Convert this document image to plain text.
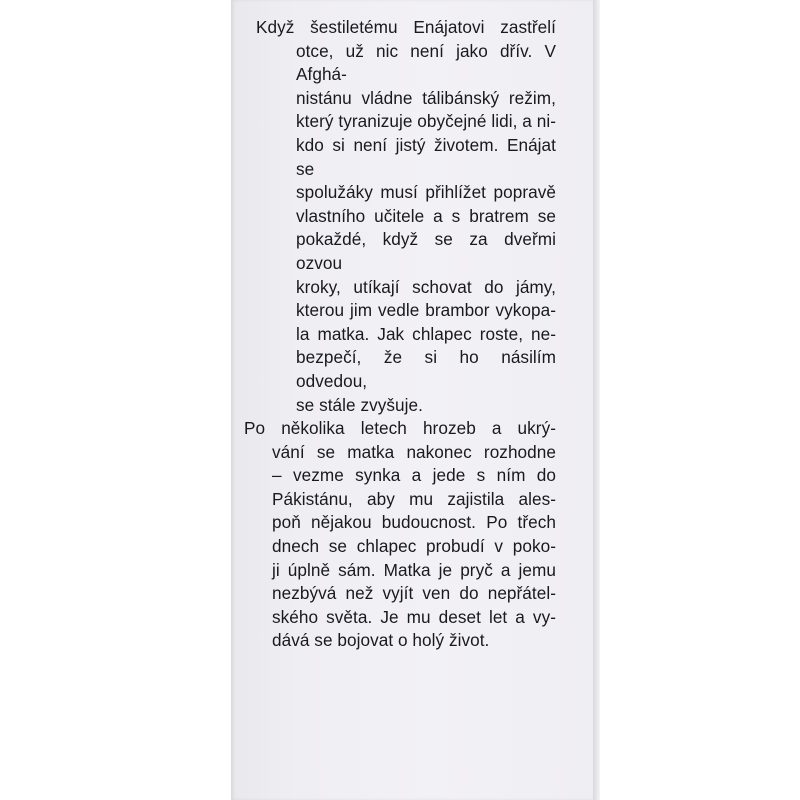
Když šestiletému Enájatovi zastřelí
otce, už nic není jako dřív. V Afghá-
nistánu vládne tálibánský režim,
který tyranizuje obyčejné lidi, a ni-
kdo si není jistý životem. Enájat se
spolužáky musí přihlížet popravě
vlastního učitele a s bratrem se
pokaždé, když se za dveřmi ozvou
kroky, utíkají schovat do jámy,
kterou jim vedle brambor vykopa-
la matka. Jak chlapec roste, ne-
bezpečí, že si ho násilím odvedou,
se stále zvyšuje.
Po několika letech hrozeb a ukrý-
vání se matka nakonec rozhodne
– vezme synka a jede s ním do
Pákistánu, aby mu zajistila ales-
poň nějakou budoucnost. Po třech
dnech se chlapec probudí v poko-
ji úplně sám. Matka je pryč a jemu
nezbývá než vyjít ven do nepřátel-
ského světa. Je mu deset let a vy-
dává se bojovat o holý život.
